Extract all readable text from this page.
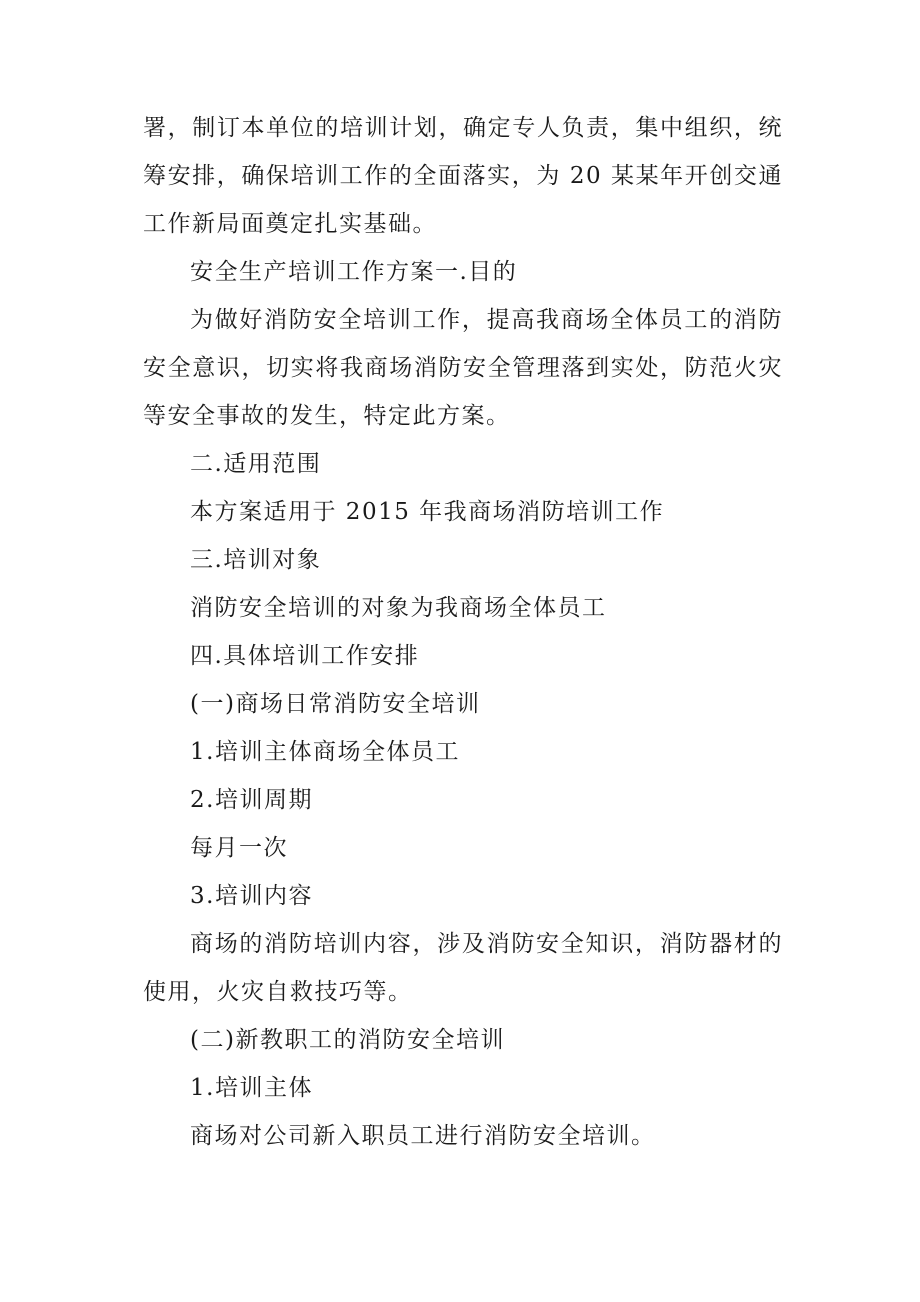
署，制订本单位的培训计划，确定专人负责，集中组织，统
筹安排，确保培训工作的全面落实，为 20 某某年开创交通
工作新局面奠定扎实基础。
安全生产培训工作方案一.目的
为做好消防安全培训工作，提高我商场全体员工的消防
安全意识，切实将我商场消防安全管理落到实处，防范火灾
等安全事故的发生，特定此方案。
二.适用范围
本方案适用于 2015 年我商场消防培训工作
三.培训对象
消防安全培训的对象为我商场全体员工
四.具体培训工作安排
(一)商场日常消防安全培训
1.培训主体商场全体员工
2.培训周期
每月一次
3.培训内容
商场的消防培训内容，涉及消防安全知识，消防器材的
使用，火灾自救技巧等。
(二)新教职工的消防安全培训
1.培训主体
商场对公司新入职员工进行消防安全培训。
